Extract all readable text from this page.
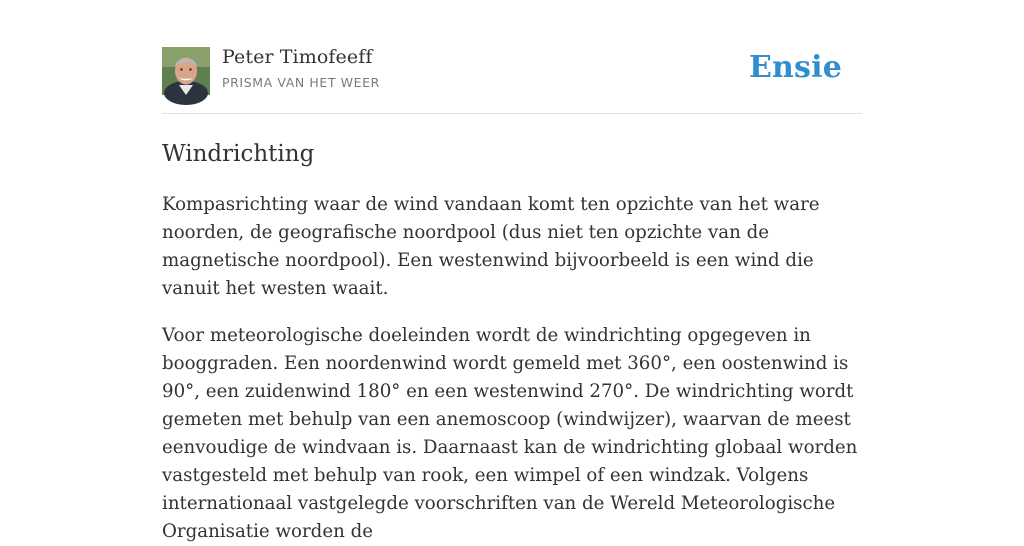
Peter Timofeeff
PRISMA VAN HET WEER	Ensie
Windrichting

Kompasrichting waar de wind vandaan komt ten opzichte van het ware noorden, de geografische noordpool (dus niet ten opzichte van de magnetische noordpool). Een westenwind bijvoorbeeld is een wind die vanuit het westen waait.

Voor meteorologische doeleinden wordt de windrichting opgegeven in booggraden. Een noordenwind wordt gemeld met 360°, een oostenwind is 90°, een zuidenwind 180° en een westenwind 270°. De windrichting wordt gemeten met behulp van een anemoscoop (windwijzer), waarvan de meest eenvoudige de windvaan is. Daarnaast kan de windrichting globaal worden vastgesteld met behulp van rook, een wimpel of een windzak. Volgens internationaal vastgelegde voorschriften van de Wereld Meteorologische Organisatie worden de
